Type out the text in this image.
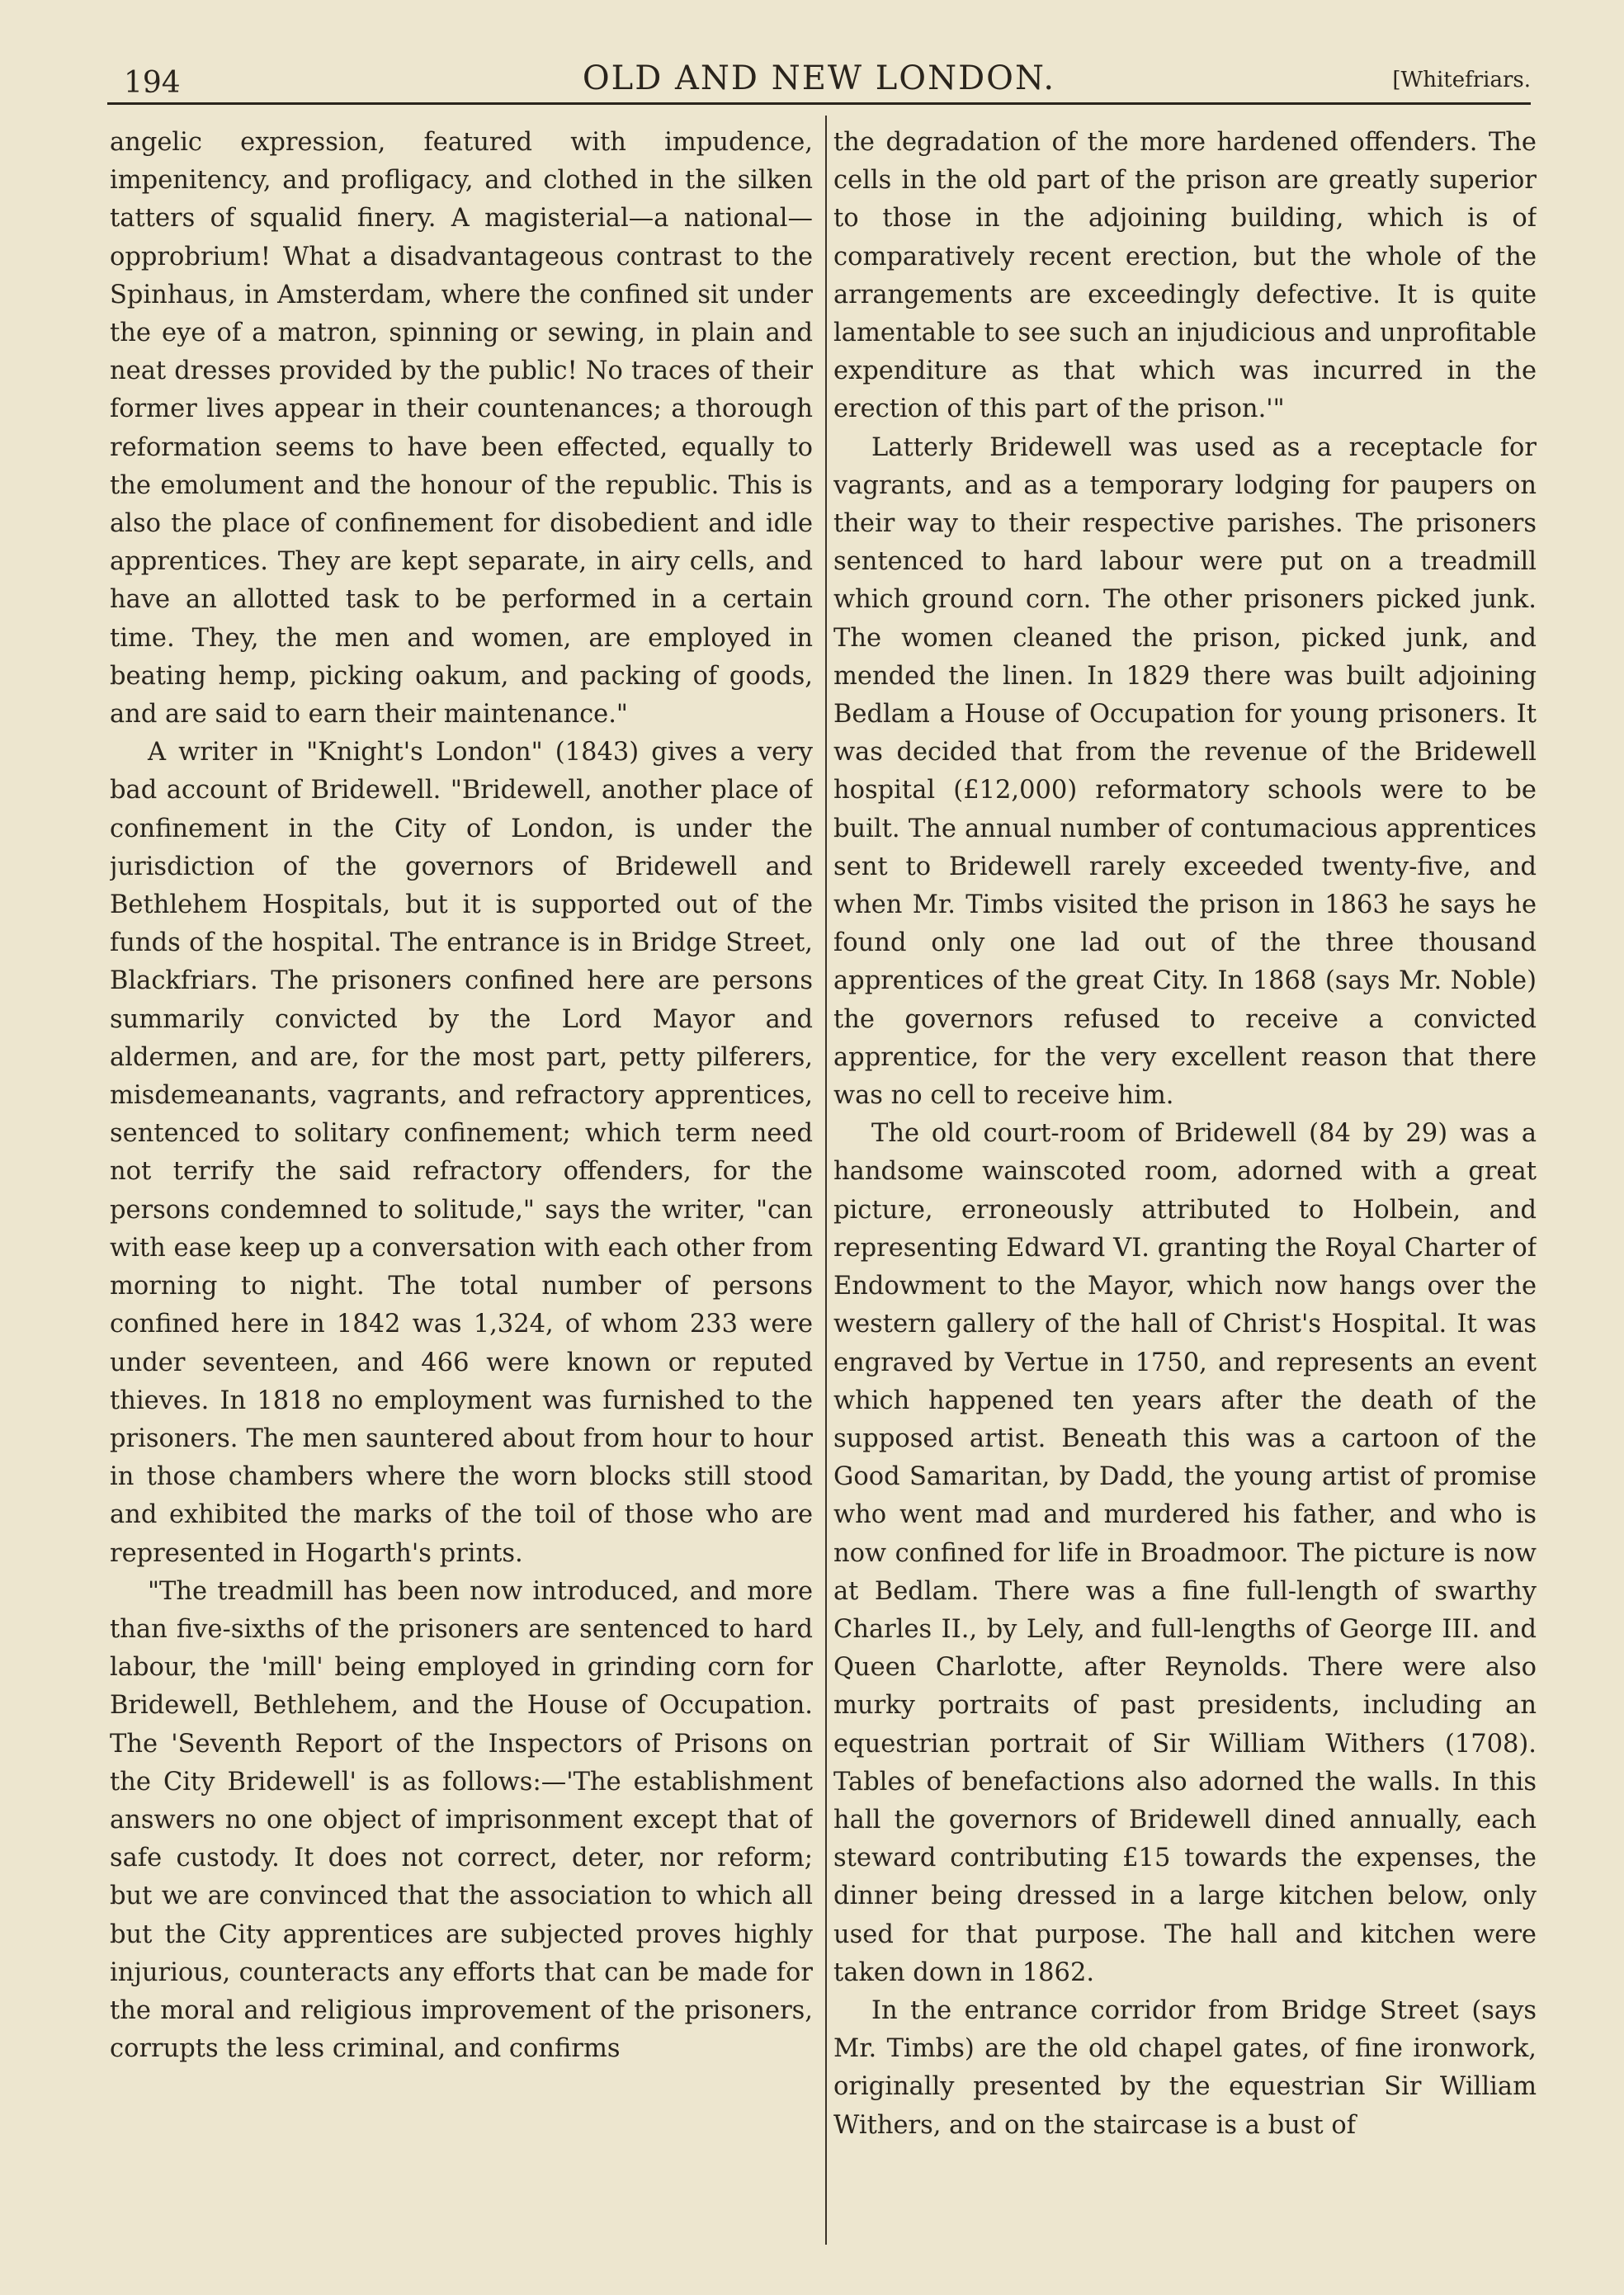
194	OLD AND NEW LONDON.	[Whitefriars.

angelic expression, featured with impudence, impenitency, and profligacy, and clothed in the silken tatters of squalid finery. A magisterial—a national—opprobrium! What a disadvantageous contrast to the Spinhaus, in Amsterdam, where the confined sit under the eye of a matron, spinning or sewing, in plain and neat dresses provided by the public! No traces of their former lives appear in their countenances; a thorough reformation seems to have been effected, equally to the emolument and the honour of the republic. This is also the place of confinement for disobedient and idle apprentices. They are kept separate, in airy cells, and have an allotted task to be performed in a certain time. They, the men and women, are employed in beating hemp, picking oakum, and packing of goods, and are said to earn their maintenance."

A writer in "Knight's London" (1843) gives a very bad account of Bridewell. "Bridewell, another place of confinement in the City of London, is under the jurisdiction of the governors of Bridewell and Bethlehem Hospitals, but it is supported out of the funds of the hospital. The entrance is in Bridge Street, Blackfriars. The prisoners confined here are persons summarily convicted by the Lord Mayor and aldermen, and are, for the most part, petty pilferers, misdemeanants, vagrants, and refractory apprentices, sentenced to solitary confinement; which term need not terrify the said refractory offenders, for the persons condemned to solitude," says the writer, "can with ease keep up a conversation with each other from morning to night. The total number of persons confined here in 1842 was 1,324, of whom 233 were under seventeen, and 466 were known or reputed thieves. In 1818 no employment was furnished to the prisoners. The men sauntered about from hour to hour in those chambers where the worn blocks still stood and exhibited the marks of the toil of those who are represented in Hogarth's prints.

"The treadmill has been now introduced, and more than five-sixths of the prisoners are sentenced to hard labour, the 'mill' being employed in grinding corn for Bridewell, Bethlehem, and the House of Occupation. The 'Seventh Report of the Inspectors of Prisons on the City Bridewell' is as follows:—'The establishment answers no one object of imprisonment except that of safe custody. It does not correct, deter, nor reform; but we are convinced that the association to which all but the City apprentices are subjected proves highly injurious, counteracts any efforts that can be made for the moral and religious improvement of the prisoners, corrupts the less criminal, and confirms

the degradation of the more hardened offenders. The cells in the old part of the prison are greatly superior to those in the adjoining building, which is of comparatively recent erection, but the whole of the arrangements are exceedingly defective. It is quite lamentable to see such an injudicious and unprofitable expenditure as that which was incurred in the erection of this part of the prison.'"

Latterly Bridewell was used as a receptacle for vagrants, and as a temporary lodging for paupers on their way to their respective parishes. The prisoners sentenced to hard labour were put on a treadmill which ground corn. The other prisoners picked junk. The women cleaned the prison, picked junk, and mended the linen. In 1829 there was built adjoining Bedlam a House of Occupation for young prisoners. It was decided that from the revenue of the Bridewell hospital (£12,000) reformatory schools were to be built. The annual number of contumacious apprentices sent to Bridewell rarely exceeded twenty-five, and when Mr. Timbs visited the prison in 1863 he says he found only one lad out of the three thousand apprentices of the great City. In 1868 (says Mr. Noble) the governors refused to receive a convicted apprentice, for the very excellent reason that there was no cell to receive him.

The old court-room of Bridewell (84 by 29) was a handsome wainscoted room, adorned with a great picture, erroneously attributed to Holbein, and representing Edward VI. granting the Royal Charter of Endowment to the Mayor, which now hangs over the western gallery of the hall of Christ's Hospital. It was engraved by Vertue in 1750, and represents an event which happened ten years after the death of the supposed artist. Beneath this was a cartoon of the Good Samaritan, by Dadd, the young artist of promise who went mad and murdered his father, and who is now confined for life in Broadmoor. The picture is now at Bedlam. There was a fine full-length of swarthy Charles II., by Lely, and full-lengths of George III. and Queen Charlotte, after Reynolds. There were also murky portraits of past presidents, including an equestrian portrait of Sir William Withers (1708). Tables of benefactions also adorned the walls. In this hall the governors of Bridewell dined annually, each steward contributing £15 towards the expenses, the dinner being dressed in a large kitchen below, only used for that purpose. The hall and kitchen were taken down in 1862.

In the entrance corridor from Bridge Street (says Mr. Timbs) are the old chapel gates, of fine ironwork, originally presented by the equestrian Sir William Withers, and on the staircase is a bust of
